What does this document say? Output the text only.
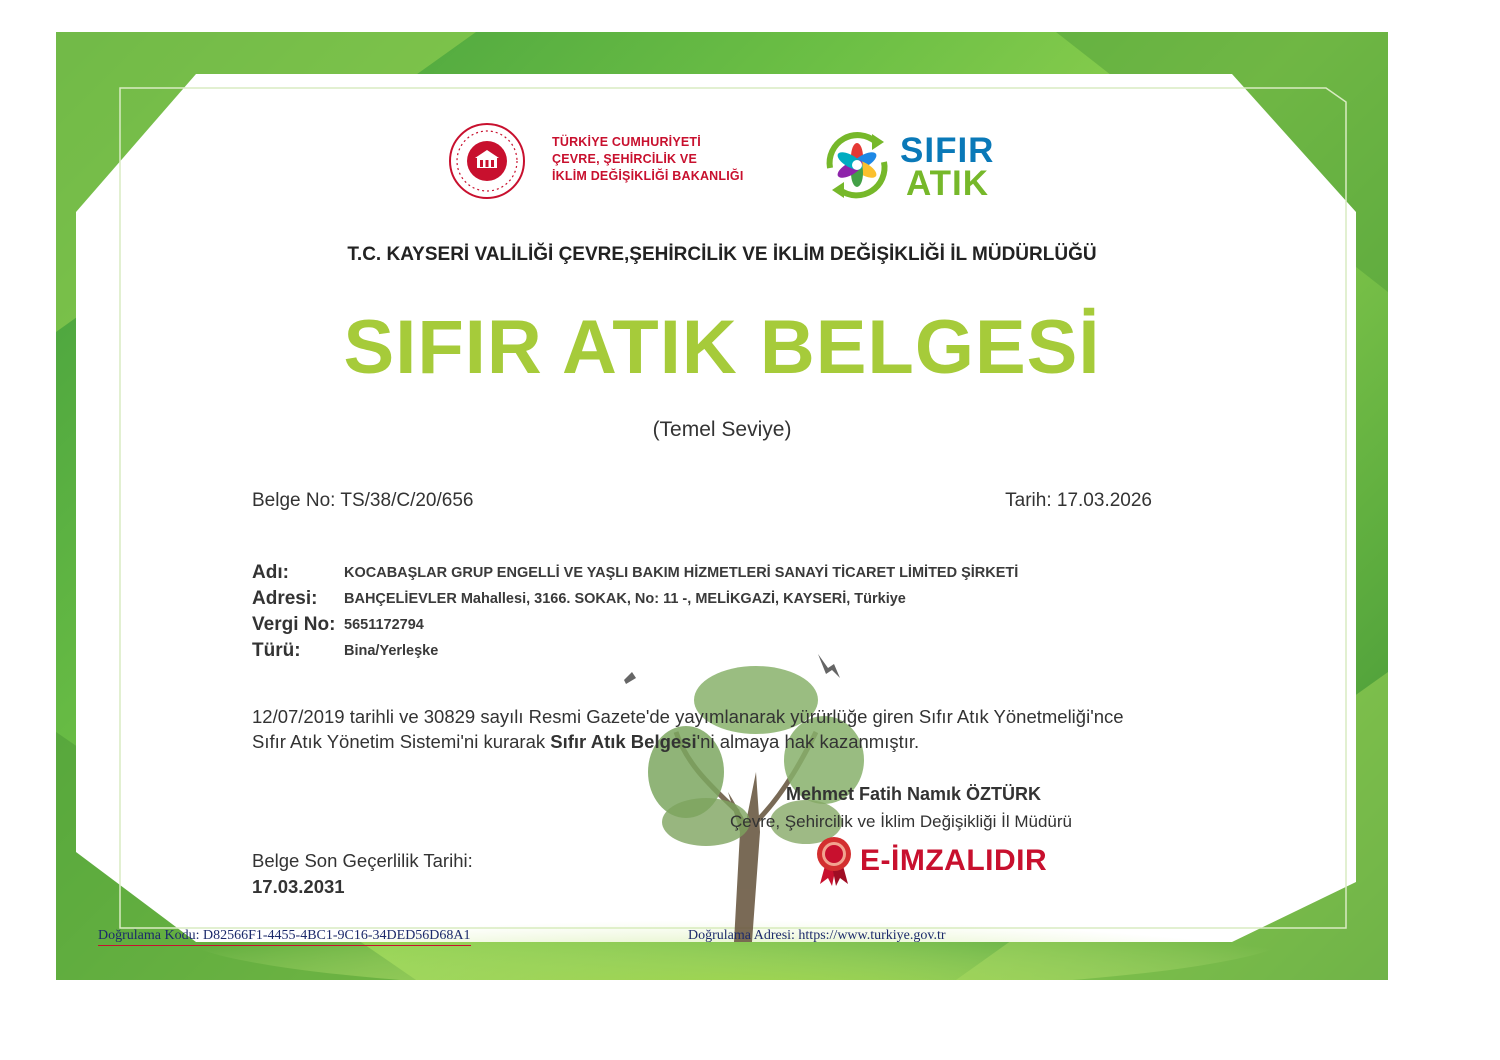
TÜRKİYE CUMHURİYETİ
ÇEVRE, ŞEHİRCİLİK VE
İKLİM DEĞİŞİKLİĞİ BAKANLIĞI
SIFIR
ATIK
T.C. KAYSERİ VALİLİĞİ ÇEVRE,ŞEHİRCİLİK VE İKLİM DEĞİŞİKLİĞİ İL MÜDÜRLÜĞÜ
SIFIR ATIK BELGESİ
(Temel Seviye)
Belge No: TS/38/C/20/656	Tarih: 17.03.2026
Adı:	KOCABAŞLAR GRUP ENGELLİ VE YAŞLI BAKIM HİZMETLERİ SANAYİ TİCARET LİMİTED ŞİRKETİ
Adresi:	BAHÇELİEVLER Mahallesi, 3166. SOKAK, No: 11 -, MELİKGAZİ, KAYSERİ, Türkiye
Vergi No: 5651172794
Türü:	Bina/Yerleşke
12/07/2019 tarihli ve 30829 sayılı Resmi Gazete'de yayımlanarak yürürlüğe giren Sıfır Atık Yönetmeliği'nce Sıfır Atık Yönetim Sistemi'ni kurarak Sıfır Atık Belgesi'ni almaya hak kazanmıştır.
Mehmet Fatih Namık ÖZTÜRK
Çevre, Şehircilik ve İklim Değişikliği İl Müdürü
Belge Son Geçerlilik Tarihi:
17.03.2031
E-İMZALIDIR
Doğrulama Kodu: D82566F1-4455-4BC1-9C16-34DED56D68A1	Doğrulama Adresi: https://www.turkiye.gov.tr
